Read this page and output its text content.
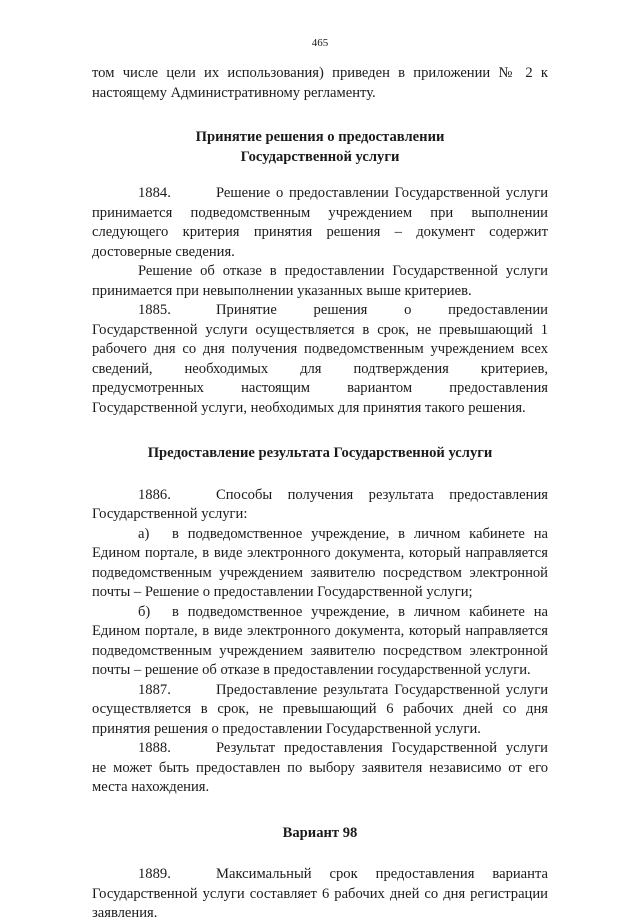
465

том числе цели их использования) приведен в приложении № 2 к настоящему Административному регламенту.

Принятие решения о предоставлении Государственной услуги

1884.	Решение о предоставлении Государственной услуги принимается подведомственным учреждением при выполнении следующего критерия принятия решения – документ содержит достоверные сведения.

Решение об отказе в предоставлении Государственной услуги принимается при невыполнении указанных выше критериев.

1885.	Принятие решения о предоставлении Государственной услуги осуществляется в срок, не превышающий 1 рабочего дня со дня получения подведомственным учреждением всех сведений, необходимых для подтверждения критериев, предусмотренных настоящим вариантом предоставления Государственной услуги, необходимых для принятия такого решения.

Предоставление результата Государственной услуги

1886.	Способы получения результата предоставления Государственной услуги:

а) в подведомственное учреждение, в личном кабинете на Едином портале, в виде электронного документа, который направляется подведомственным учреждением заявителю посредством электронной почты – Решение о предоставлении Государственной услуги;

б) в подведомственное учреждение, в личном кабинете на Едином портале, в виде электронного документа, который направляется подведомственным учреждением заявителю посредством электронной почты – решение об отказе в предоставлении государственной услуги.

1887.	Предоставление результата Государственной услуги осуществляется в срок, не превышающий 6 рабочих дней со дня принятия решения о предоставлении Государственной услуги.

1888.	Результат предоставления Государственной услуги не может быть предоставлен по выбору заявителя независимо от его места нахождения.

Вариант 98

1889.	Максимальный срок предоставления варианта Государственной услуги составляет 6 рабочих дней со дня регистрации заявления.
